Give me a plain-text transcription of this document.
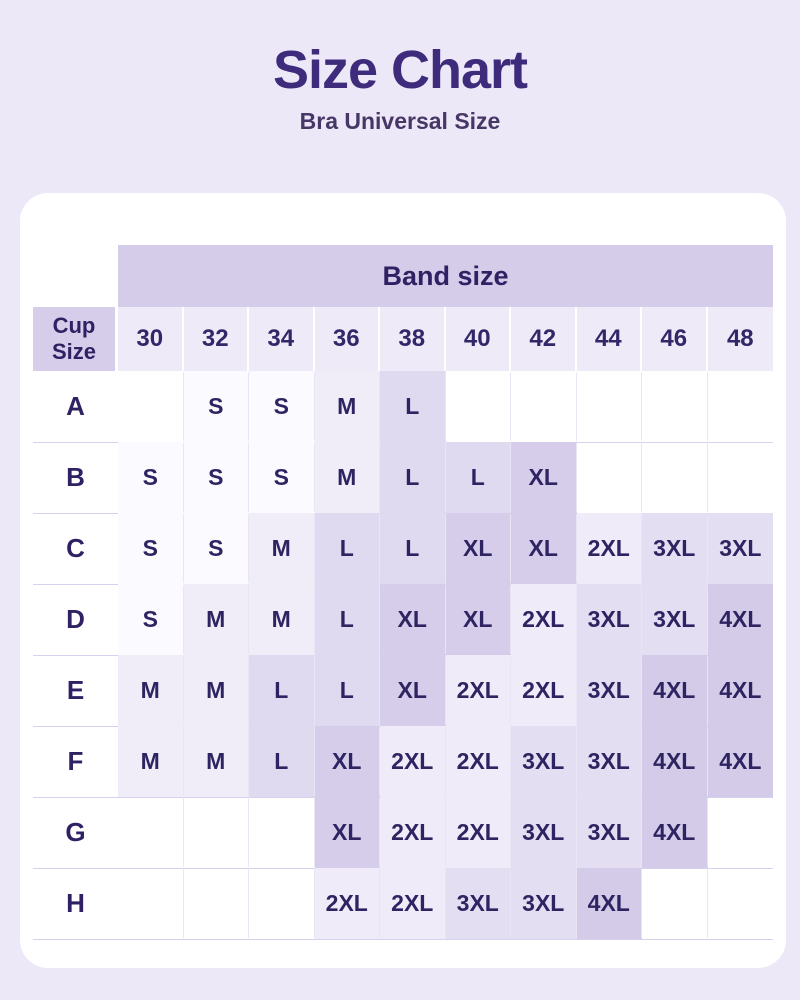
Size Chart
Bra Universal Size
	Band size									
Cup Size	30	32	34	36	38	40	42	44	46	48
A		S	S	M	L					
B	S	S	S	M	L	L	XL			
C	S	S	M	L	L	XL	XL	2XL	3XL	3XL
D	S	M	M	L	XL	XL	2XL	3XL	3XL	4XL
E	M	M	L	L	XL	2XL	2XL	3XL	4XL	4XL
F	M	M	L	XL	2XL	2XL	3XL	3XL	4XL	4XL
G				XL	2XL	2XL	3XL	3XL	4XL	
H				2XL	2XL	3XL	3XL	4XL		
